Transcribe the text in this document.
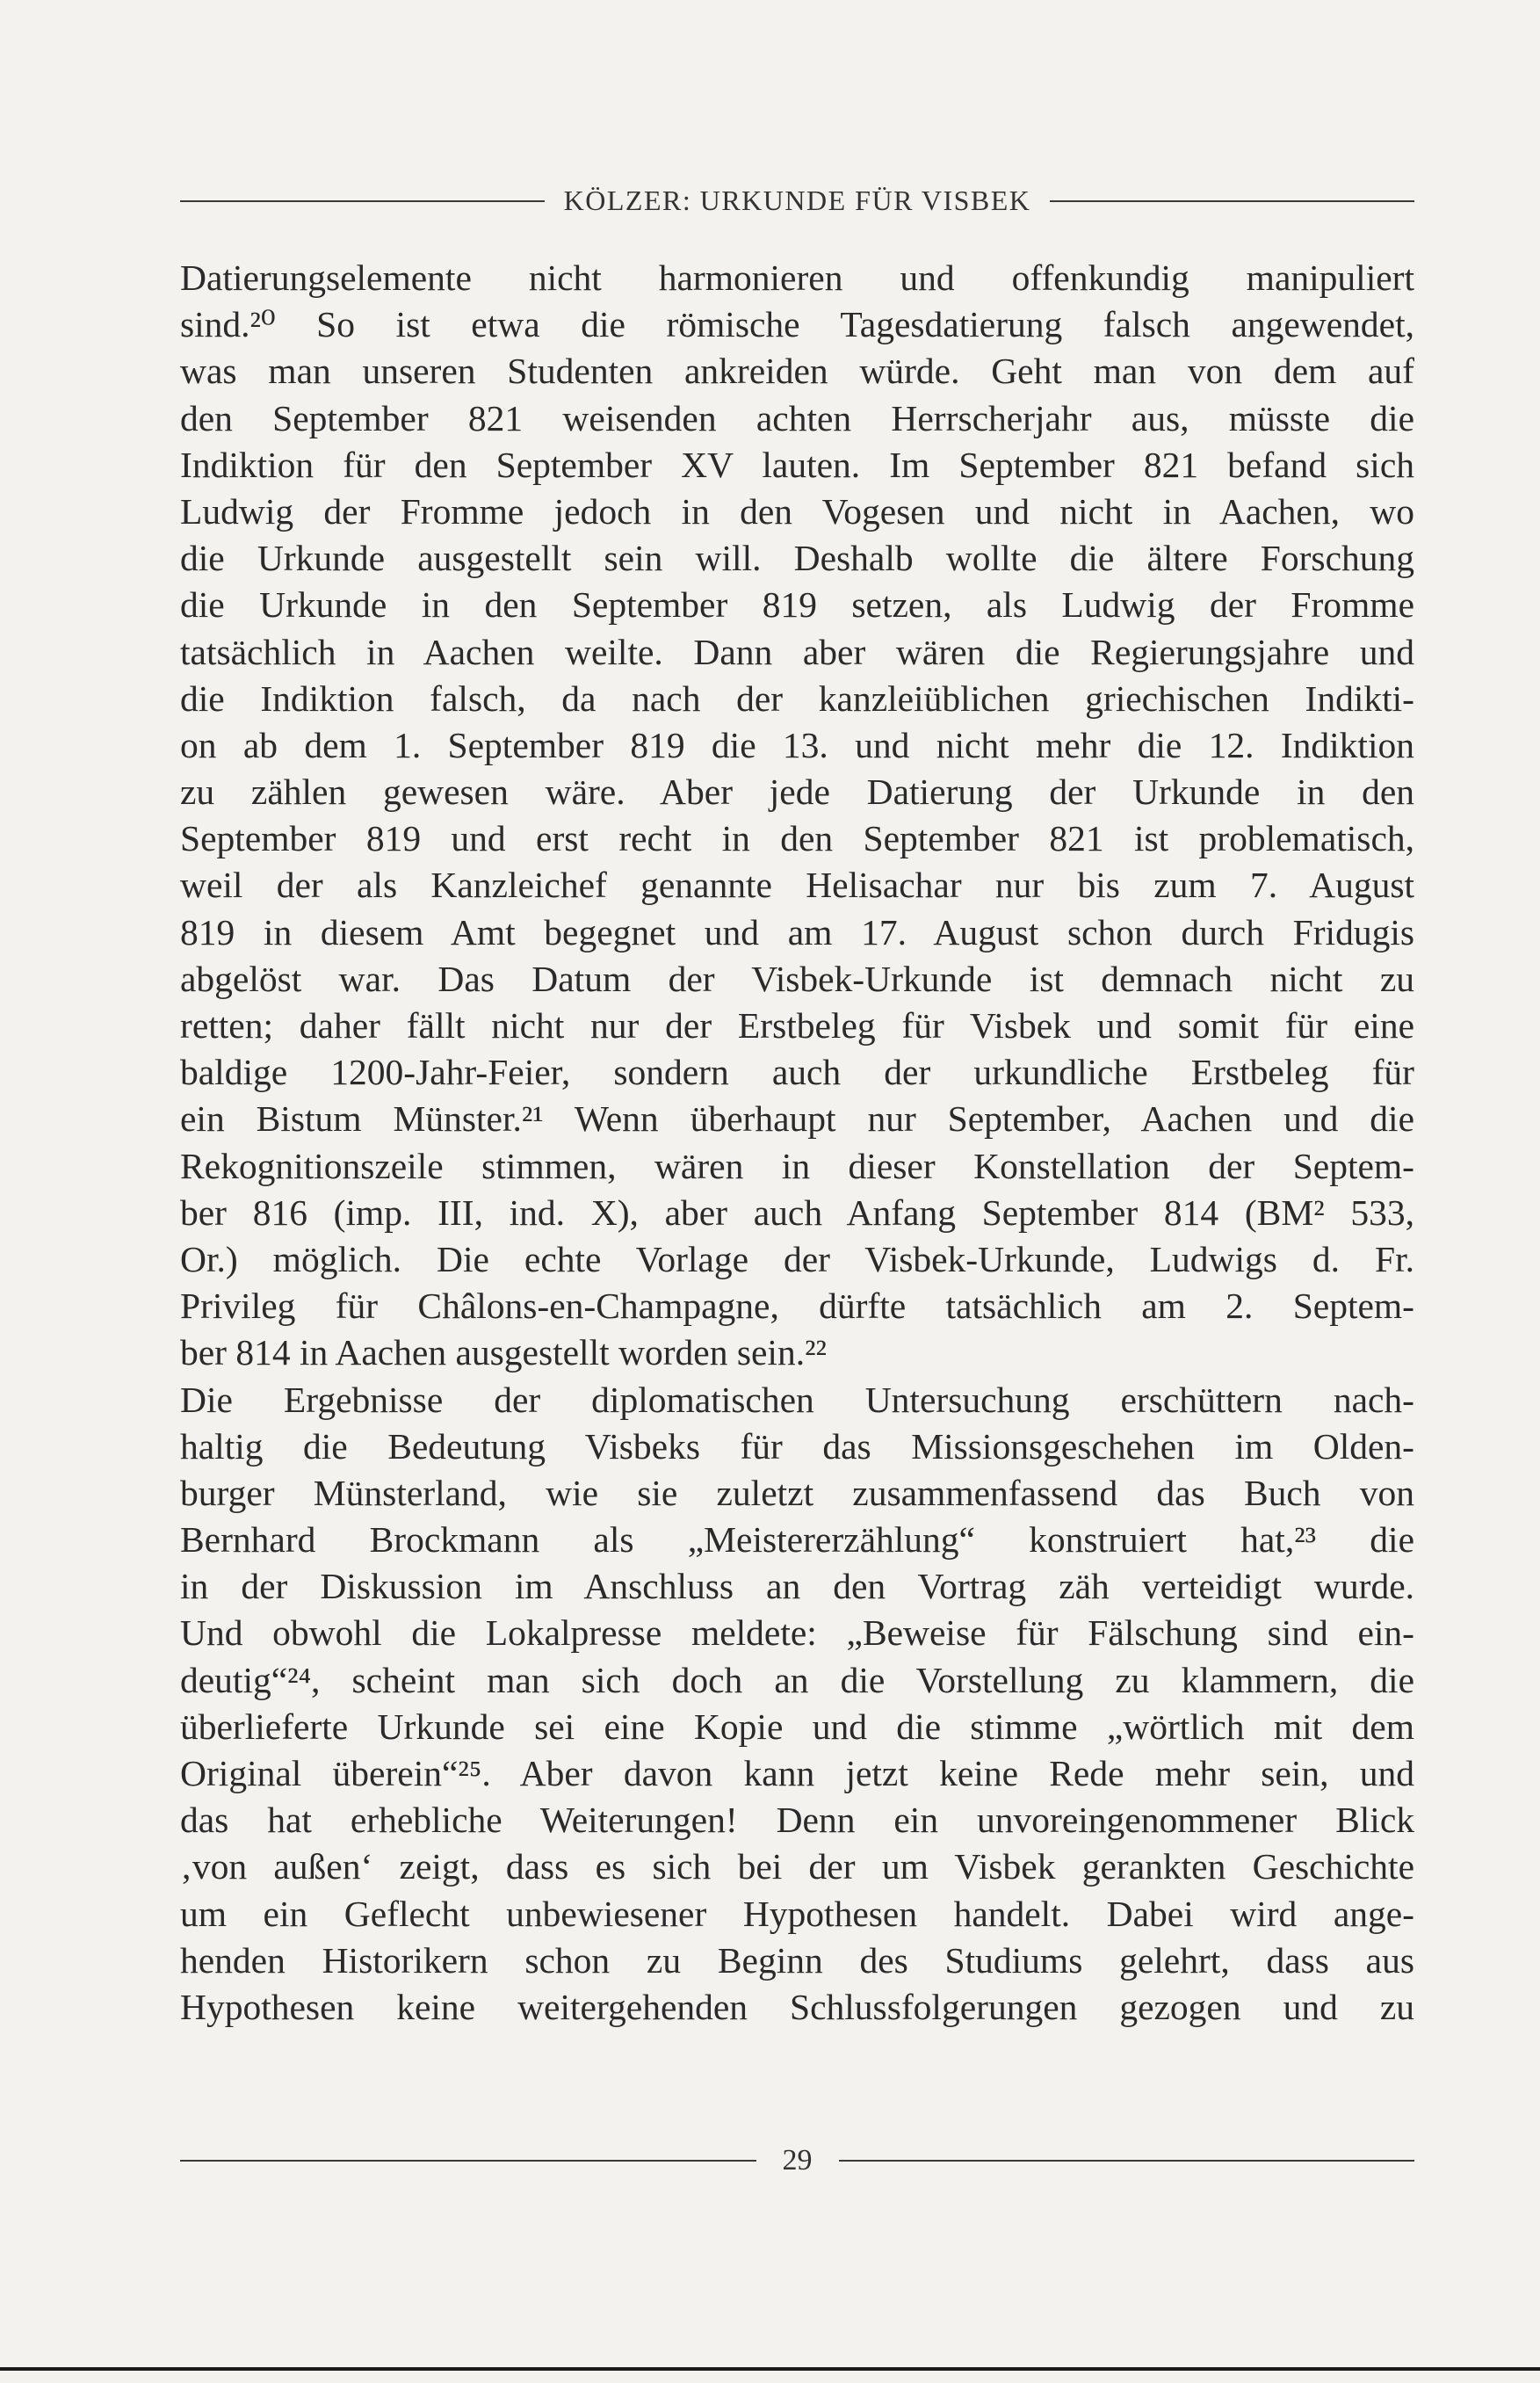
KÖLZER: URKUNDE FÜR VISBEK
Datierungselemente nicht harmonieren und offenkundig manipuliert
sind.²⁰ So ist etwa die römische Tagesdatierung falsch angewendet,
was man unseren Studenten ankreiden würde. Geht man von dem auf
den September 821 weisenden achten Herrscherjahr aus, müsste die
Indiktion für den September XV lauten. Im September 821 befand sich
Ludwig der Fromme jedoch in den Vogesen und nicht in Aachen, wo
die Urkunde ausgestellt sein will. Deshalb wollte die ältere Forschung
die Urkunde in den September 819 setzen, als Ludwig der Fromme
tatsächlich in Aachen weilte. Dann aber wären die Regierungsjahre und
die Indiktion falsch, da nach der kanzleiüblichen griechischen Indikti-
on ab dem 1. September 819 die 13. und nicht mehr die 12. Indiktion
zu zählen gewesen wäre. Aber jede Datierung der Urkunde in den
September 819 und erst recht in den September 821 ist problematisch,
weil der als Kanzleichef genannte Helisachar nur bis zum 7. August
819 in diesem Amt begegnet und am 17. August schon durch Fridugis
abgelöst war. Das Datum der Visbek-Urkunde ist demnach nicht zu
retten; daher fällt nicht nur der Erstbeleg für Visbek und somit für eine
baldige 1200-Jahr-Feier, sondern auch der urkundliche Erstbeleg für
ein Bistum Münster.²¹ Wenn überhaupt nur September, Aachen und die
Rekognitionszeile stimmen, wären in dieser Konstellation der Septem-
ber 816 (imp. III, ind. X), aber auch Anfang September 814 (BM² 533,
Or.) möglich. Die echte Vorlage der Visbek-Urkunde, Ludwigs d. Fr.
Privileg für Châlons-en-Champagne, dürfte tatsächlich am 2. Septem-
ber 814 in Aachen ausgestellt worden sein.²²
Die Ergebnisse der diplomatischen Untersuchung erschüttern nach-
haltig die Bedeutung Visbeks für das Missionsgeschehen im Olden-
burger Münsterland, wie sie zuletzt zusammenfassend das Buch von
Bernhard Brockmann als „Meistererzählung“ konstruiert hat,²³ die
in der Diskussion im Anschluss an den Vortrag zäh verteidigt wurde.
Und obwohl die Lokalpresse meldete: „Beweise für Fälschung sind ein-
deutig“²⁴, scheint man sich doch an die Vorstellung zu klammern, die
überlieferte Urkunde sei eine Kopie und die stimme „wörtlich mit dem
Original überein“²⁵. Aber davon kann jetzt keine Rede mehr sein, und
das hat erhebliche Weiterungen! Denn ein unvoreingenommener Blick
‚von außen‘ zeigt, dass es sich bei der um Visbek gerankten Geschichte
um ein Geflecht unbewiesener Hypothesen handelt. Dabei wird ange-
henden Historikern schon zu Beginn des Studiums gelehrt, dass aus
Hypothesen keine weitergehenden Schlussfolgerungen gezogen und zu
29
